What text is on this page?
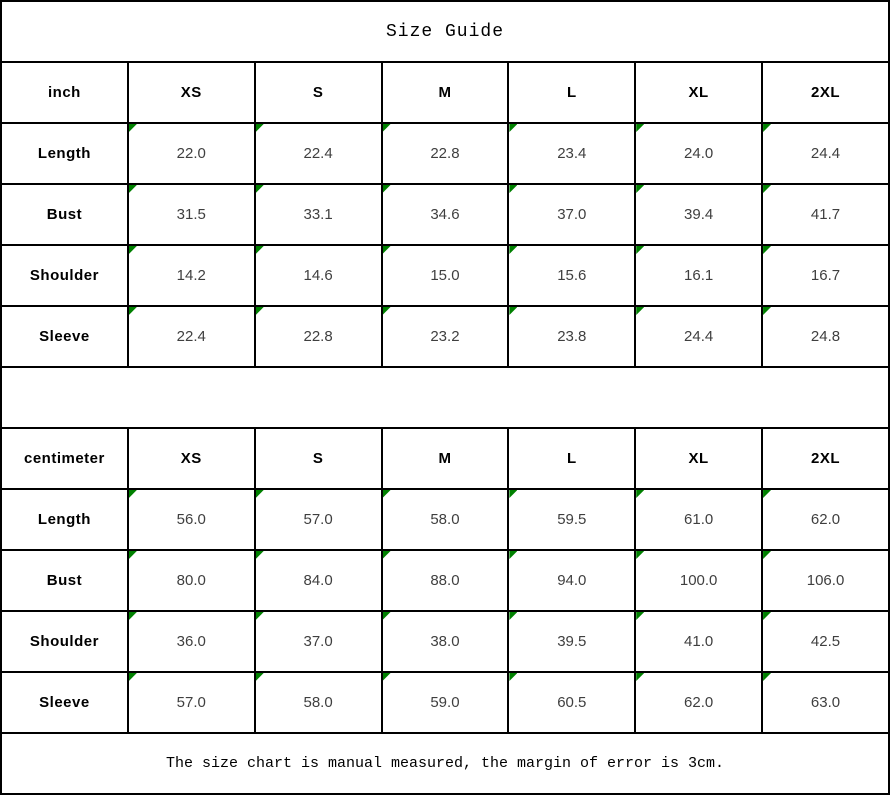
Size Guide						
inch	XS	S	M	L	XL	2XL
Length	22.0	22.4	22.8	23.4	24.0	24.4
Bust	31.5	33.1	34.6	37.0	39.4	41.7
Shoulder	14.2	14.6	15.0	15.6	16.1	16.7
Sleeve	22.4	22.8	23.2	23.8	24.4	24.8

centimeter	XS	S	M	L	XL	2XL
Length	56.0	57.0	58.0	59.5	61.0	62.0
Bust	80.0	84.0	88.0	94.0	100.0	106.0
Shoulder	36.0	37.0	38.0	39.5	41.0	42.5
Sleeve	57.0	58.0	59.0	60.5	62.0	63.0
The size chart is manual measured, the margin of error is 3cm.						
